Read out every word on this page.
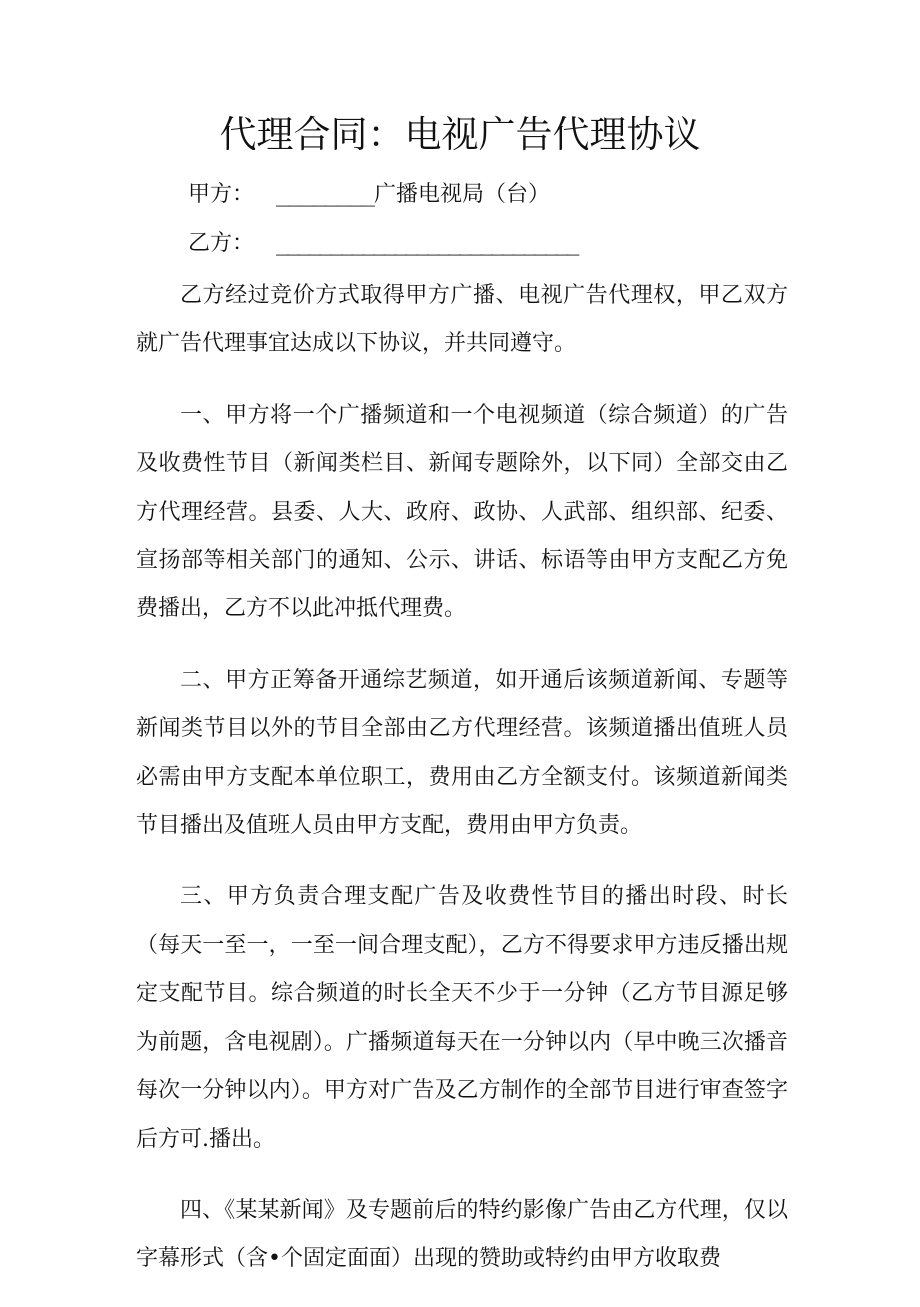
代理合同：电视广告代理协议
甲方： ________广播电视局（台）
乙方： ____________________________

乙方经过竞价方式取得甲方广播、电视广告代理权，甲乙双方就广告代理事宜达成以下协议，并共同遵守。

一、甲方将一个广播频道和一个电视频道（综合频道）的广告及收费性节目（新闻类栏目、新闻专题除外，以下同）全部交由乙方代理经营。县委、人大、政府、政协、人武部、组织部、纪委、宣扬部等相关部门的通知、公示、讲话、标语等由甲方支配乙方免费播出，乙方不以此冲抵代理费。

二、甲方正筹备开通综艺频道，如开通后该频道新闻、专题等新闻类节目以外的节目全部由乙方代理经营。该频道播出值班人员必需由甲方支配本单位职工，费用由乙方全额支付。该频道新闻类节目播出及值班人员由甲方支配，费用由甲方负责。

三、甲方负责合理支配广告及收费性节目的播出时段、时长（每天一至一，一至一间合理支配），乙方不得要求甲方违反播出规定支配节目。综合频道的时长全天不少于一分钟（乙方节目源足够为前题，含电视剧）。广播频道每天在一分钟以内（早中晚三次播音每次一分钟以内）。甲方对广告及乙方制作的全部节目进行审查签字后方可.播出。

四、《某某新闻》及专题前后的特约影像广告由乙方代理，仅以字幕形式（含•个固定面面）出现的赞助或特约由甲方收取费
